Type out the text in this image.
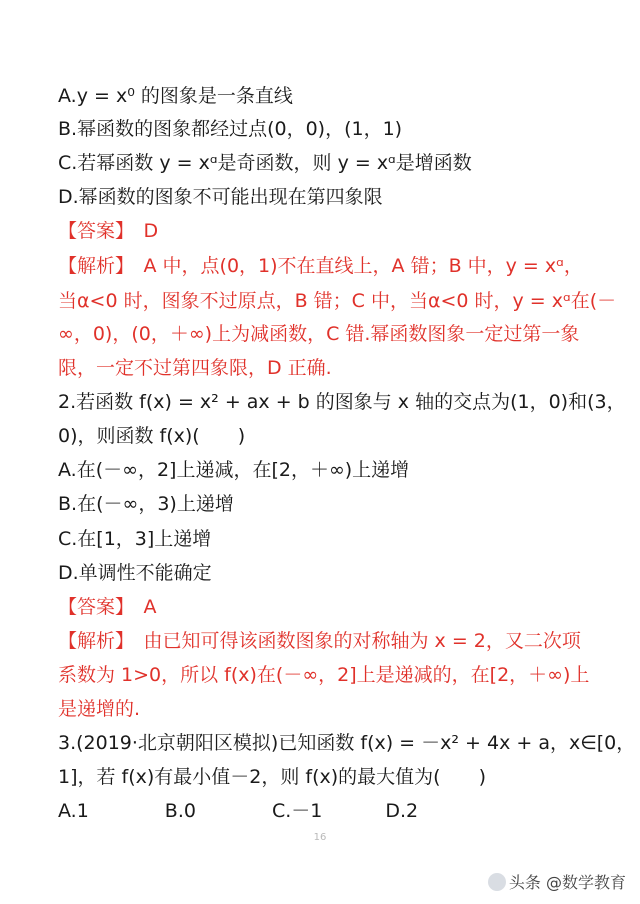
A.y = x⁰ 的图象是一条直线
B.幂函数的图象都经过点(0，0)，(1，1)
C.若幂函数 y = xᵅ是奇函数，则 y = xᵅ是增函数
D.幂函数的图象不可能出现在第四象限
【答案】　D
【解析】　A 中，点(0，1)不在直线上，A 错；B 中，y = xᵅ，
当α<0 时，图象不过原点，B 错；C 中，当α<0 时，y = xᵅ在(－
∞，0)，(0，＋∞)上为减函数，C 错.幂函数图象一定过第一象
限，一定不过第四象限，D 正确.
2.若函数 f(x) = x² + ax + b 的图象与 x 轴的交点为(1，0)和(3，
0)，则函数 f(x)(　　)
A.在(－∞，2]上递减，在[2，＋∞)上递增
B.在(－∞，3)上递增
C.在[1，3]上递增
D.单调性不能确定
【答案】　A
【解析】　由已知可得该函数图象的对称轴为 x = 2，又二次项
系数为 1>0，所以 f(x)在(－∞，2]上是递减的，在[2，＋∞)上
是递增的.
3.(2019·北京朝阳区模拟)已知函数 f(x) = －x² + 4x + a，x∈[0，
1]，若 f(x)有最小值－2，则 f(x)的最大值为(　　)
A.1　　　　B.0　　　　C.－1　　　 D.2
16
头条 @数学教育
